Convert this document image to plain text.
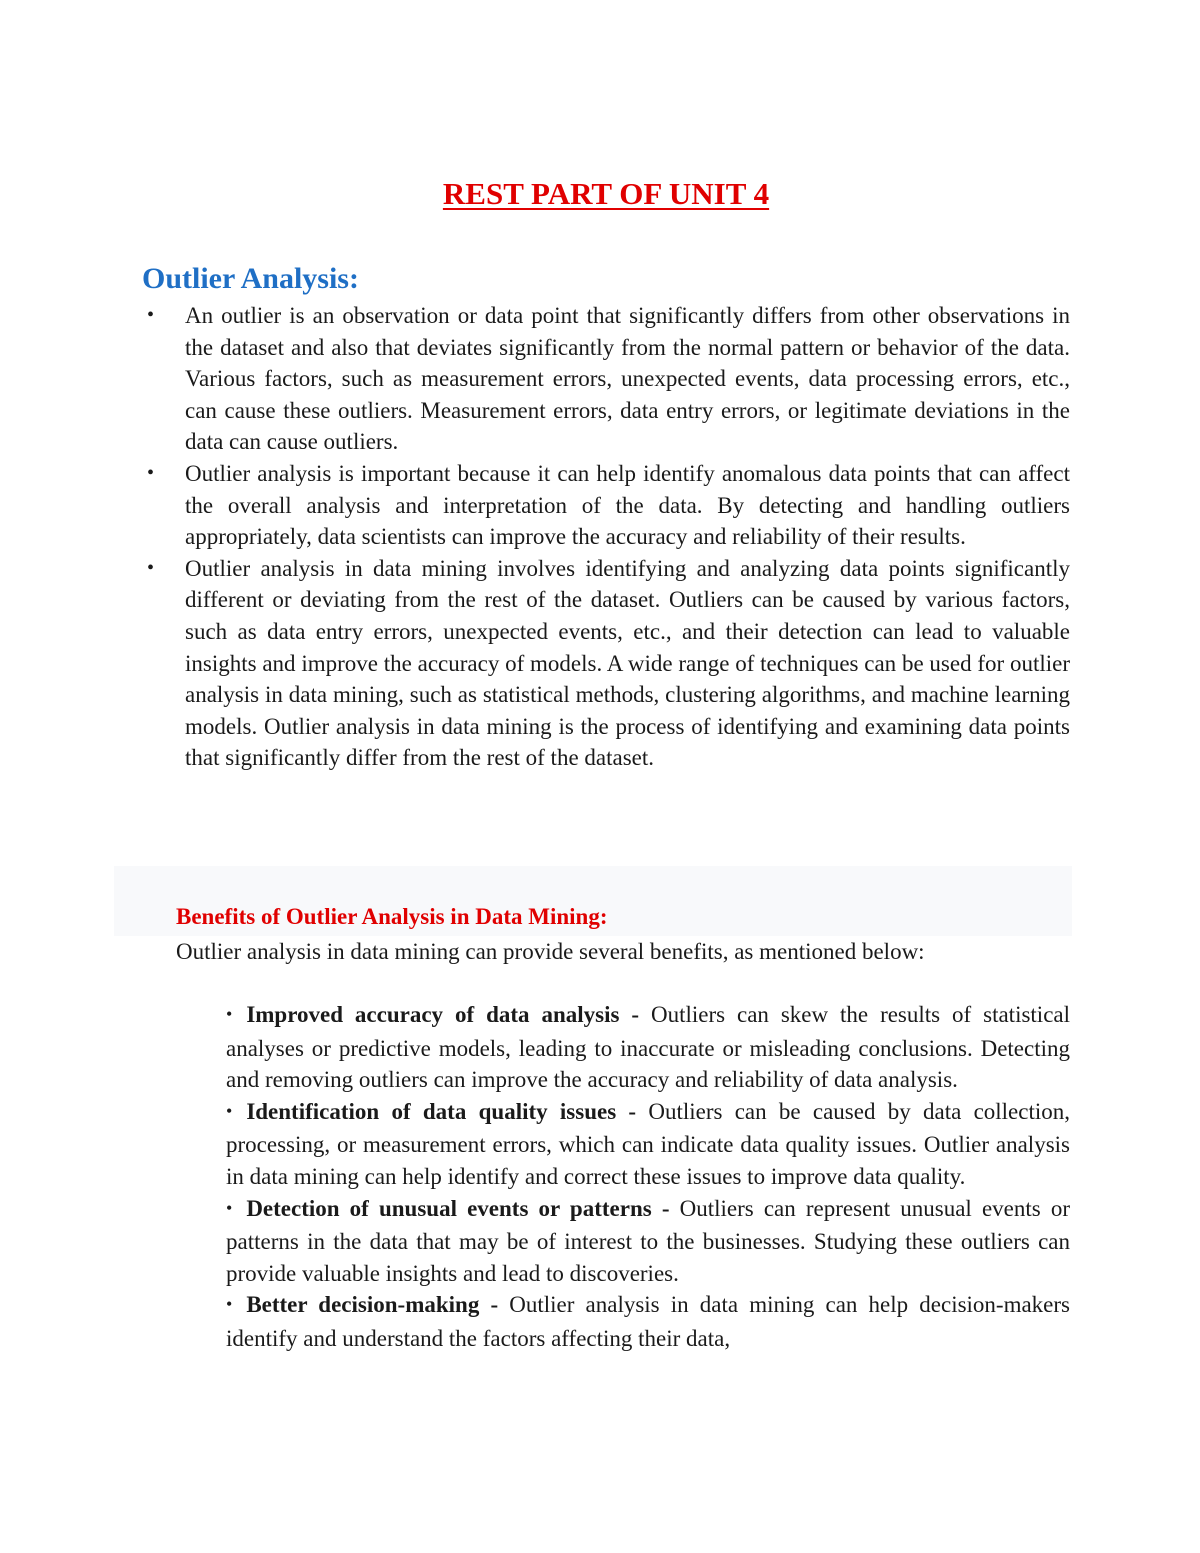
REST PART OF UNIT 4
Outlier Analysis:
• An outlier is an observation or data point that significantly differs from other observations in the dataset and also that deviates significantly from the normal pattern or behavior of the data. Various factors, such as measurement errors, unexpected events, data processing errors, etc., can cause these outliers. Measurement errors, data entry errors, or legitimate deviations in the data can cause outliers.
• Outlier analysis is important because it can help identify anomalous data points that can affect the overall analysis and interpretation of the data. By detecting and handling outliers appropriately, data scientists can improve the accuracy and reliability of their results.
• Outlier analysis in data mining involves identifying and analyzing data points significantly different or deviating from the rest of the dataset. Outliers can be caused by various factors, such as data entry errors, unexpected events, etc., and their detection can lead to valuable insights and improve the accuracy of models. A wide range of techniques can be used for outlier analysis in data mining, such as statistical methods, clustering algorithms, and machine learning models. Outlier analysis in data mining is the process of identifying and examining data points that significantly differ from the rest of the dataset.
Benefits of Outlier Analysis in Data Mining:

Outlier analysis in data mining can provide several benefits, as mentioned below:

• Improved accuracy of data analysis - Outliers can skew the results of statistical analyses or predictive models, leading to inaccurate or misleading conclusions. Detecting and removing outliers can improve the accuracy and reliability of data analysis.
• Identification of data quality issues - Outliers can be caused by data collection, processing, or measurement errors, which can indicate data quality issues. Outlier analysis in data mining can help identify and correct these issues to improve data quality.
• Detection of unusual events or patterns - Outliers can represent unusual events or patterns in the data that may be of interest to the businesses. Studying these outliers can provide valuable insights and lead to discoveries.
• Better decision-making - Outlier analysis in data mining can help decision-makers identify and understand the factors affecting their data,
